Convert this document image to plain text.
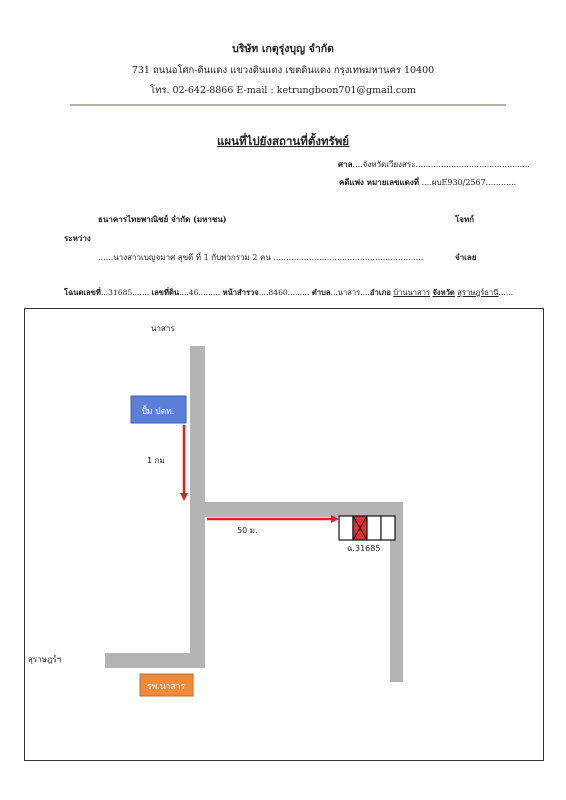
บริษัท เกตุรุ่งบุญ จำกัด
731 ถนนอโศก-ดินแดง แขวงดินแดง เขตดินแดง กรุงเทพมหานคร 10400
โทร. 02-642-8866 E-mail : ketrungboon701@gmail.com
แผนที่ไปยังสถานที่ตั้งทรัพย์
ศาล....จังหวัดเวียงสระ.............................................
คดีแพ่ง หมายเลขแดงที่ ....ผบE930/2567............
ธนาคารไทยพาณิชย์ จำกัด (มหาชน)	โจทก์
ระหว่าง
......นางสาวเบญจมาศ สุขดี ที่ 1 กับพวกรวม 2 คน ...........................................................	จำเลย
โฉนดเลขที่...31685....... เลขที่ดิน....46......... หน้าสำรวจ....8460......... ตำบล...นาสาร....อำเภอ บ้านนาสาร จังหวัด สุราษฎร์ธานี......
ปั้ม ปตท.
1 กม
50 ม.
ฉ.31685
นาสาร
สุราษฎร์ฯ
รพ.นาสาร
